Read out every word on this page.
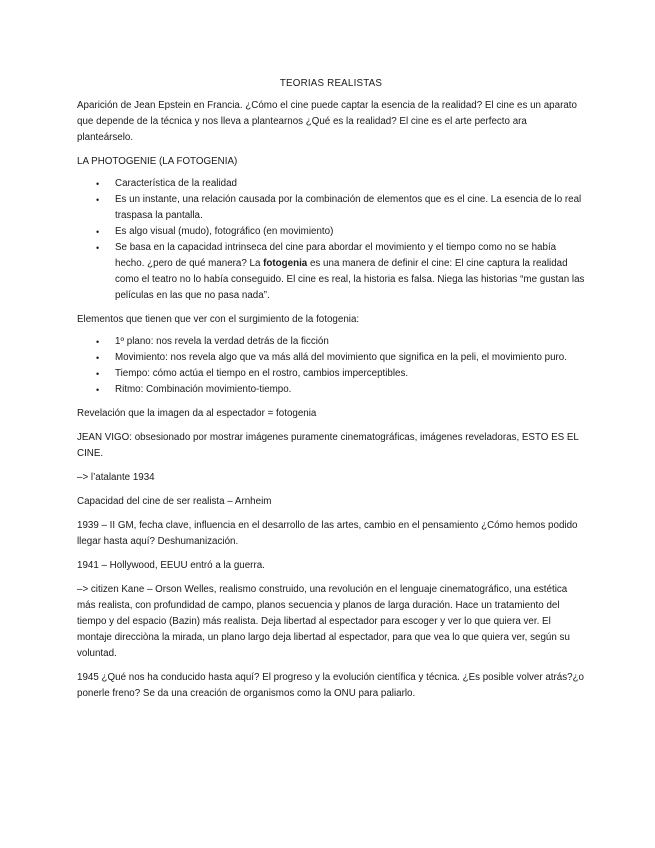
TEORIAS REALISTAS

Aparición de Jean Epstein en Francia. ¿Cómo el cine puede captar la esencia de la realidad? El cine es un aparato que depende de la técnica y nos lleva a plantearnos ¿Qué es la realidad? El cine es el arte perfecto ara planteárselo.

LA PHOTOGENIE (LA FOTOGENIA)

• Característica de la realidad
• Es un instante, una relación causada por la combinación de elementos que es el cine. La esencia de lo real traspasa la pantalla.
• Es algo visual (mudo), fotográfico (en movimiento)
• Se basa en la capacidad intrinseca del cine para abordar el movimiento y el tiempo como no se había hecho. ¿pero de qué manera? La fotogenia es una manera de definir el cine: El cine captura la realidad como el teatro no lo había conseguido. El cine es real, la historia es falsa. Niega las historias “me gustan las películas en las que no pasa nada”.

Elementos que tienen que ver con el surgimiento de la fotogenia:

• 1º plano: nos revela la verdad detrás de la ficción
• Movimiento: nos revela algo que va más allá del movimiento que significa en la peli, el movimiento puro.
• Tiempo: cómo actúa el tiempo en el rostro, cambios imperceptibles.
• Ritmo: Combinación movimiento-tiempo.

Revelación que la imagen da al espectador = fotogenia

JEAN VIGO: obsesionado por mostrar imágenes puramente cinematográficas, imágenes reveladoras, ESTO ES EL CINE.

–> l’atalante 1934

Capacidad del cine de ser realista – Arnheim

1939 – II GM, fecha clave, influencia en el desarrollo de las artes, cambio en el pensamiento ¿Cómo hemos podido llegar hasta aquí? Deshumanización.

1941 – Hollywood, EEUU entró a la guerra.

–> citizen Kane – Orson Welles, realismo construido, una revolución en el lenguaje cinematográfico, una estética más realista, con profundidad de campo, planos secuencia y planos de larga duración. Hace un tratamiento del tiempo y del espacio (Bazin) más realista. Deja libertad al espectador para escoger y ver lo que quiera ver. El montaje direcciòna la mirada, un plano largo deja libertad al espectador, para que vea lo que quiera ver, según su voluntad.

1945 ¿Qué nos ha conducido hasta aquí? El progreso y la evolución científica y técnica. ¿Es posible volver atrás?¿o ponerle freno? Se da una creación de organismos como la ONU para paliarlo.
